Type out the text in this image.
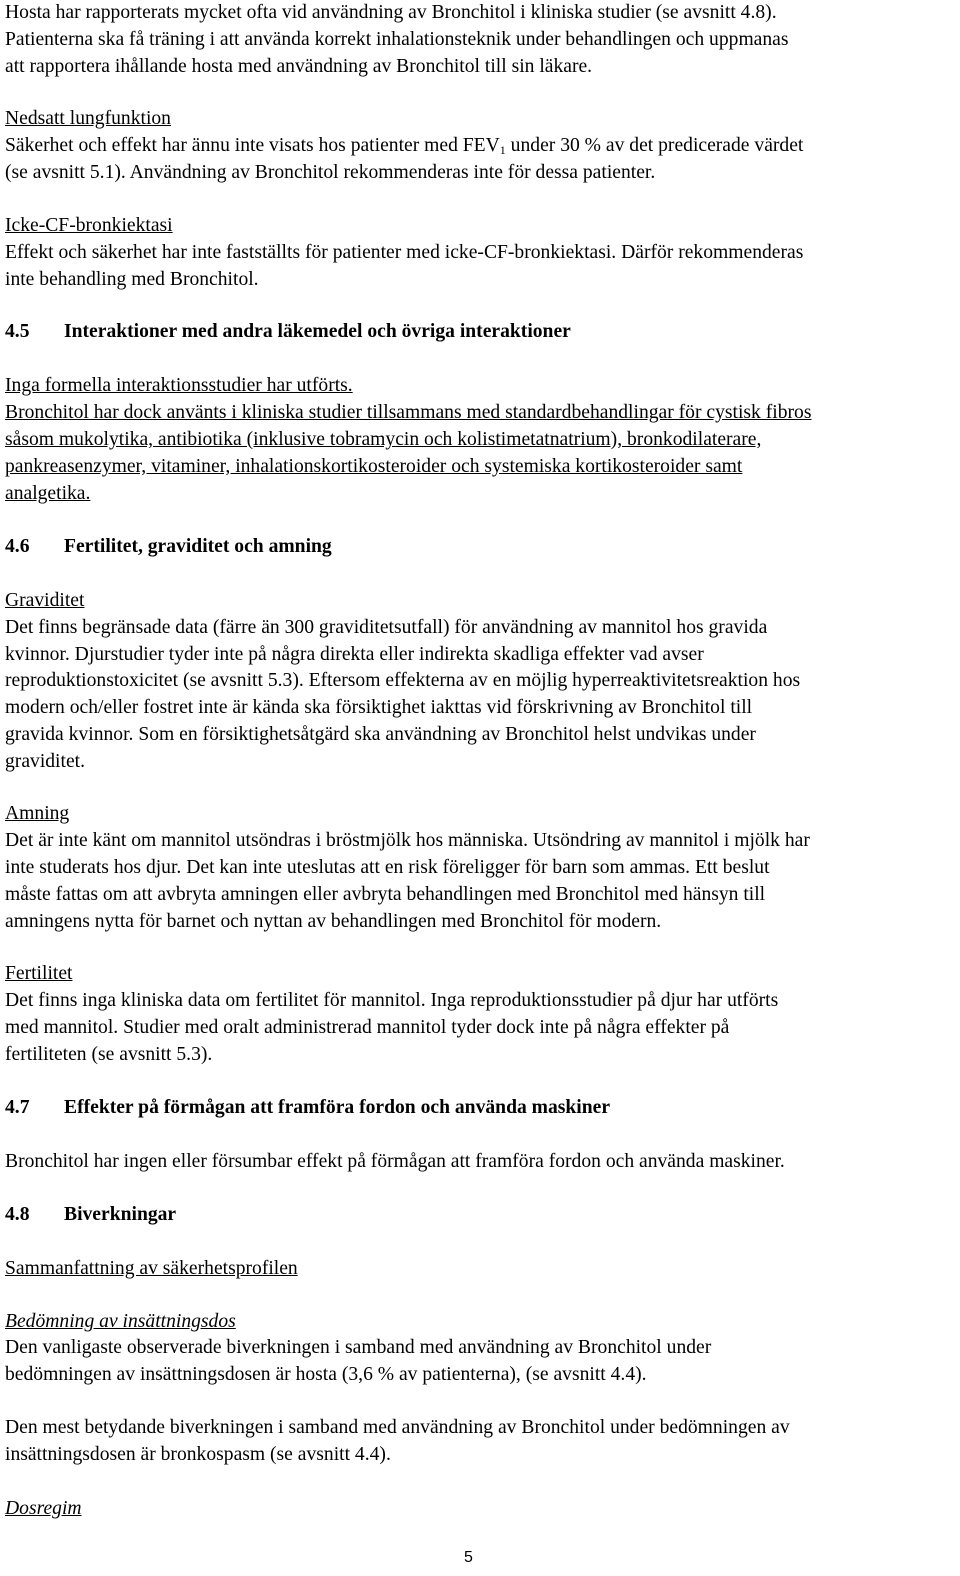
Hosta har rapporterats mycket ofta vid användning av Bronchitol i kliniska studier (se avsnitt 4.8).
Patienterna ska få träning i att använda korrekt inhalationsteknik under behandlingen och uppmanas
att rapportera ihållande hosta med användning av Bronchitol till sin läkare.
Nedsatt lungfunktion
Säkerhet och effekt har ännu inte visats hos patienter med $FEV_1$ under 30 % av det predicerade värdet
(se avsnitt 5.1). Användning av Bronchitol rekommenderas inte för dessa patienter.
Icke-CF-bronkiektasi
Effekt och säkerhet har inte fastställts för patienter med icke-CF-bronkiektasi. Därför rekommenderas
inte behandling med Bronchitol.
4.5 Interaktioner med andra läkemedel och övriga interaktioner
Inga formella interaktionsstudier har utförts.
Bronchitol har dock använts i kliniska studier tillsammans med standardbehandlingar för cystisk fibros
såsom mukolytika, antibiotika (inklusive tobramycin och kolistimetatnatrium), bronkodilaterare,
pankreasenzymer, vitaminer, inhalationskortikosteroider och systemiska kortikosteroider samt
analgetika.
4.6 Fertilitet, graviditet och amning
Graviditet
Det finns begränsade data (färre än 300 graviditetsutfall) för användning av mannitol hos gravida
kvinnor. Djurstudier tyder inte på några direkta eller indirekta skadliga effekter vad avser
reproduktionstoxicitet (se avsnitt 5.3). Eftersom effekterna av en möjlig hyperreaktivitetsreaktion hos
modern och/eller fostret inte är kända ska försiktighet iakttas vid förskrivning av Bronchitol till
gravida kvinnor. Som en försiktighetsåtgärd ska användning av Bronchitol helst undvikas under
graviditet.
Amning
Det är inte känt om mannitol utsöndras i bröstmjölk hos människa. Utsöndring av mannitol i mjölk har
inte studerats hos djur. Det kan inte uteslutas att en risk föreligger för barn som ammas. Ett beslut
måste fattas om att avbryta amningen eller avbryta behandlingen med Bronchitol med hänsyn till
amningens nytta för barnet och nyttan av behandlingen med Bronchitol för modern.
Fertilitet
Det finns inga kliniska data om fertilitet för mannitol. Inga reproduktionsstudier på djur har utförts
med mannitol. Studier med oralt administrerad mannitol tyder dock inte på några effekter på
fertiliteten (se avsnitt 5.3).
4.7 Effekter på förmågan att framföra fordon och använda maskiner
Bronchitol har ingen eller försumbar effekt på förmågan att framföra fordon och använda maskiner.
4.8 Biverkningar
Sammanfattning av säkerhetsprofilen
Bedömning av insättningsdos
Den vanligaste observerade biverkningen i samband med användning av Bronchitol under
bedömningen av insättningsdosen är hosta (3,6 % av patienterna), (se avsnitt 4.4).
Den mest betydande biverkningen i samband med användning av Bronchitol under bedömningen av
insättningsdosen är bronkospasm (se avsnitt 4.4).
Dosregim
5
